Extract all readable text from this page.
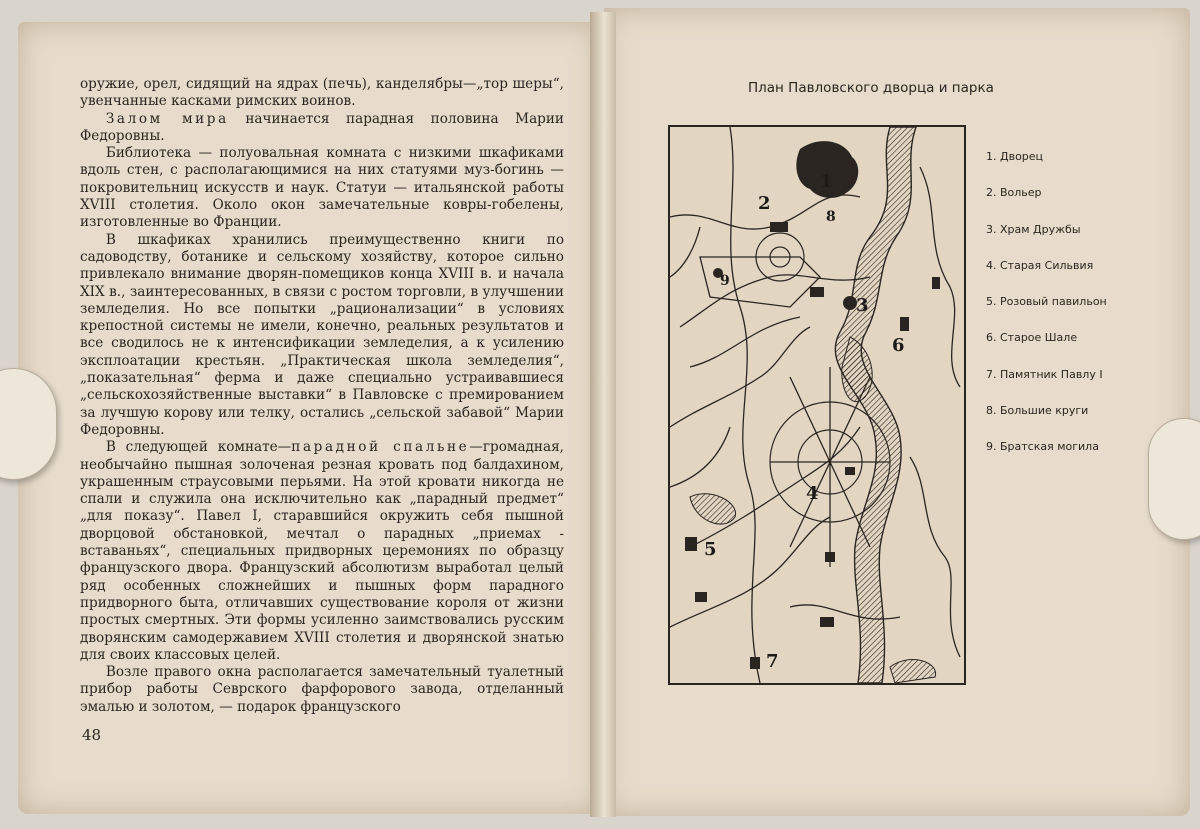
оружие, орел, сидящий на ядрах (печь), канделябры—„тор шеры“, увенчанные касками римских воинов.

Залом мира начинается парадная половина Марии Федоровны.

Библиотека — полуовальная комната с низкими шкафиками вдоль стен, с располагающимися на них статуями муз-богинь — покровительниц искусств и наук. Статуи — итальянской работы XVIII столетия. Около окон замечательные ковры-гобелены, изготовленные во Франции.

В шкафиках хранились преимущественно книги по садоводству, ботанике и сельскому хозяйству, которое сильно привлекало внимание дворян-помещиков конца XVIII в. и начала XIX в., заинтересованных, в связи с ростом торговли, в улучшении земледелия. Но все попытки „рационализации“ в условиях крепостной системы не имели, конечно, реальных результатов и все сводилось не к интенсификации земледелия, а к усилению эксплоатации крестьян. „Практическая школа земледелия“, „показательная“ ферма и даже специально устраивавшиеся „сельскохозяйственные выставки“ в Павловске с премированием за лучшую корову или телку, остались „сельской забавой“ Марии Федоровны.

В следующей комнате—парадной спальне—громадная, необычайно пышная золоченая резная кровать под балдахином, украшенным страусовыми перьями. На этой кровати никогда не спали и служила она исключительно как „парадный предмет“ „для показу“. Павел I, старавшийся окружить себя пышной дворцовой обстановкой, мечтал о парадных „приемах - вставаньях“, специальных придворных церемониях по образцу французского двора. Французский абсолютизм выработал целый ряд особенных сложнейших и пышных форм парадного придворного быта, отличавших существование короля от жизни простых смертных. Эти формы усиленно заимствовались русским дворянским самодержавием XVIII столетия и дворянской знатью для своих классовых целей.

Возле правого окна располагается замечательный туалетный прибор работы Севрского фарфорового завода, отделанный эмалью и золотом, — подарок французского

48
План Павловского дворца и парка
1
2
3
4
5
6
7
8
9
1. Дворец
2. Вольер
3. Храм Дружбы
4. Старая Сильвия
5. Розовый павильон
6. Старое Шале
7. Памятник Павлу I
8. Большие круги
9. Братская могила
